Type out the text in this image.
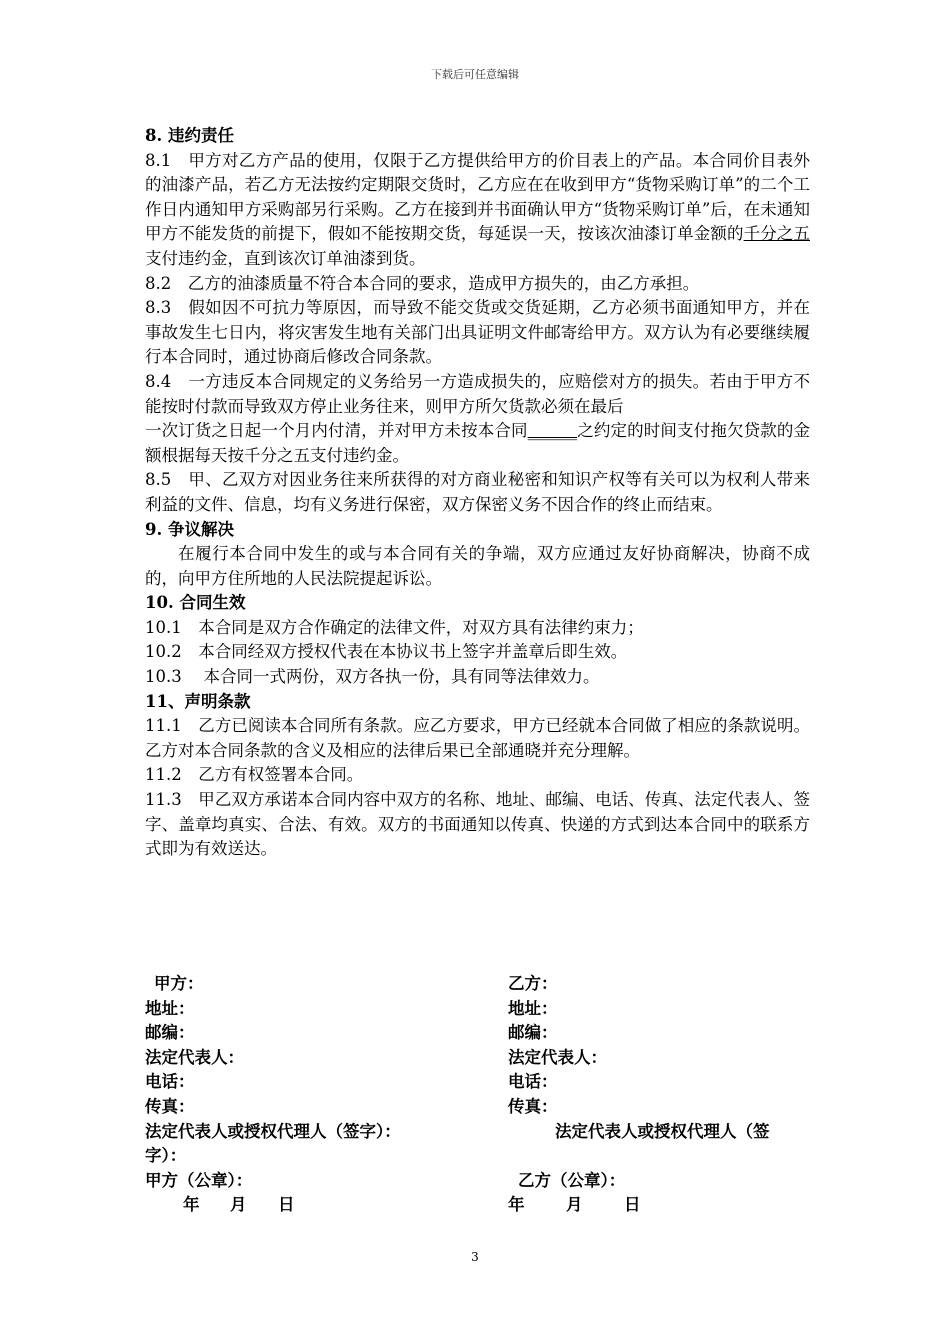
下载后可任意编辑

8. 违约责任

8.1　甲方对乙方产品的使用，仅限于乙方提供给甲方的价目表上的产品。本合同价目表外的油漆产品，若乙方无法按约定期限交货时，乙方应在在收到甲方“货物采购订单”的二个工作日内通知甲方采购部另行采购。乙方在接到并书面确认甲方“货物采购订单”后，在未通知甲方不能发货的前提下，假如不能按期交货，每延误一天，按该次油漆订单金额的千分之五支付违约金，直到该次订单油漆到货。

8.2　乙方的油漆质量不符合本合同的要求，造成甲方损失的，由乙方承担。

8.3　假如因不可抗力等原因，而导致不能交货或交货延期，乙方必须书面通知甲方，并在事故发生七日内，将灾害发生地有关部门出具证明文件邮寄给甲方。双方认为有必要继续履行本合同时，通过协商后修改合同条款。

8.4　一方违反本合同规定的义务给另一方造成损失的，应赔偿对方的损失。若由于甲方不能按时付款而导致双方停止业务往来，则甲方所欠货款必须在最后

一次订货之日起一个月内付清，并对甲方未按本合同______之约定的时间支付拖欠贷款的金额根据每天按千分之五支付违约金。

8.5　甲、乙双方对因业务往来所获得的对方商业秘密和知识产权等有关可以为权利人带来利益的文件、信息，均有义务进行保密，双方保密义务不因合作的终止而结束。

9. 争议解决

在履行本合同中发生的或与本合同有关的争端，双方应通过友好协商解决，协商不成的，向甲方住所地的人民法院提起诉讼。

10. 合同生效

10.1　本合同是双方合作确定的法律文件，对双方具有法律约束力；

10.2　本合同经双方授权代表在本协议书上签字并盖章后即生效。

10.3　 本合同一式两份，双方各执一份，具有同等法律效力。

11、声明条款

11.1　乙方已阅读本合同所有条款。应乙方要求，甲方已经就本合同做了相应的条款说明。乙方对本合同条款的含义及相应的法律后果已全部通晓并充分理解。

11.2　乙方有权签署本合同。

11.3　甲乙双方承诺本合同内容中双方的名称、地址、邮编、电话、传真、法定代表人、签字、盖章均真实、合法、有效。双方的书面通知以传真、快递的方式到达本合同中的联系方式即为有效送达。

甲方：	乙方：
地址：	地址：
邮编：	邮编：
法定代表人：	法定代表人：
电话：	电话：
传真：	传真：
法定代表人或授权代理人（签字）：	法定代表人或授权代理人（签
字）：
甲方（公章）：	乙方（公章）：
年 月 日	年	月	日
3
